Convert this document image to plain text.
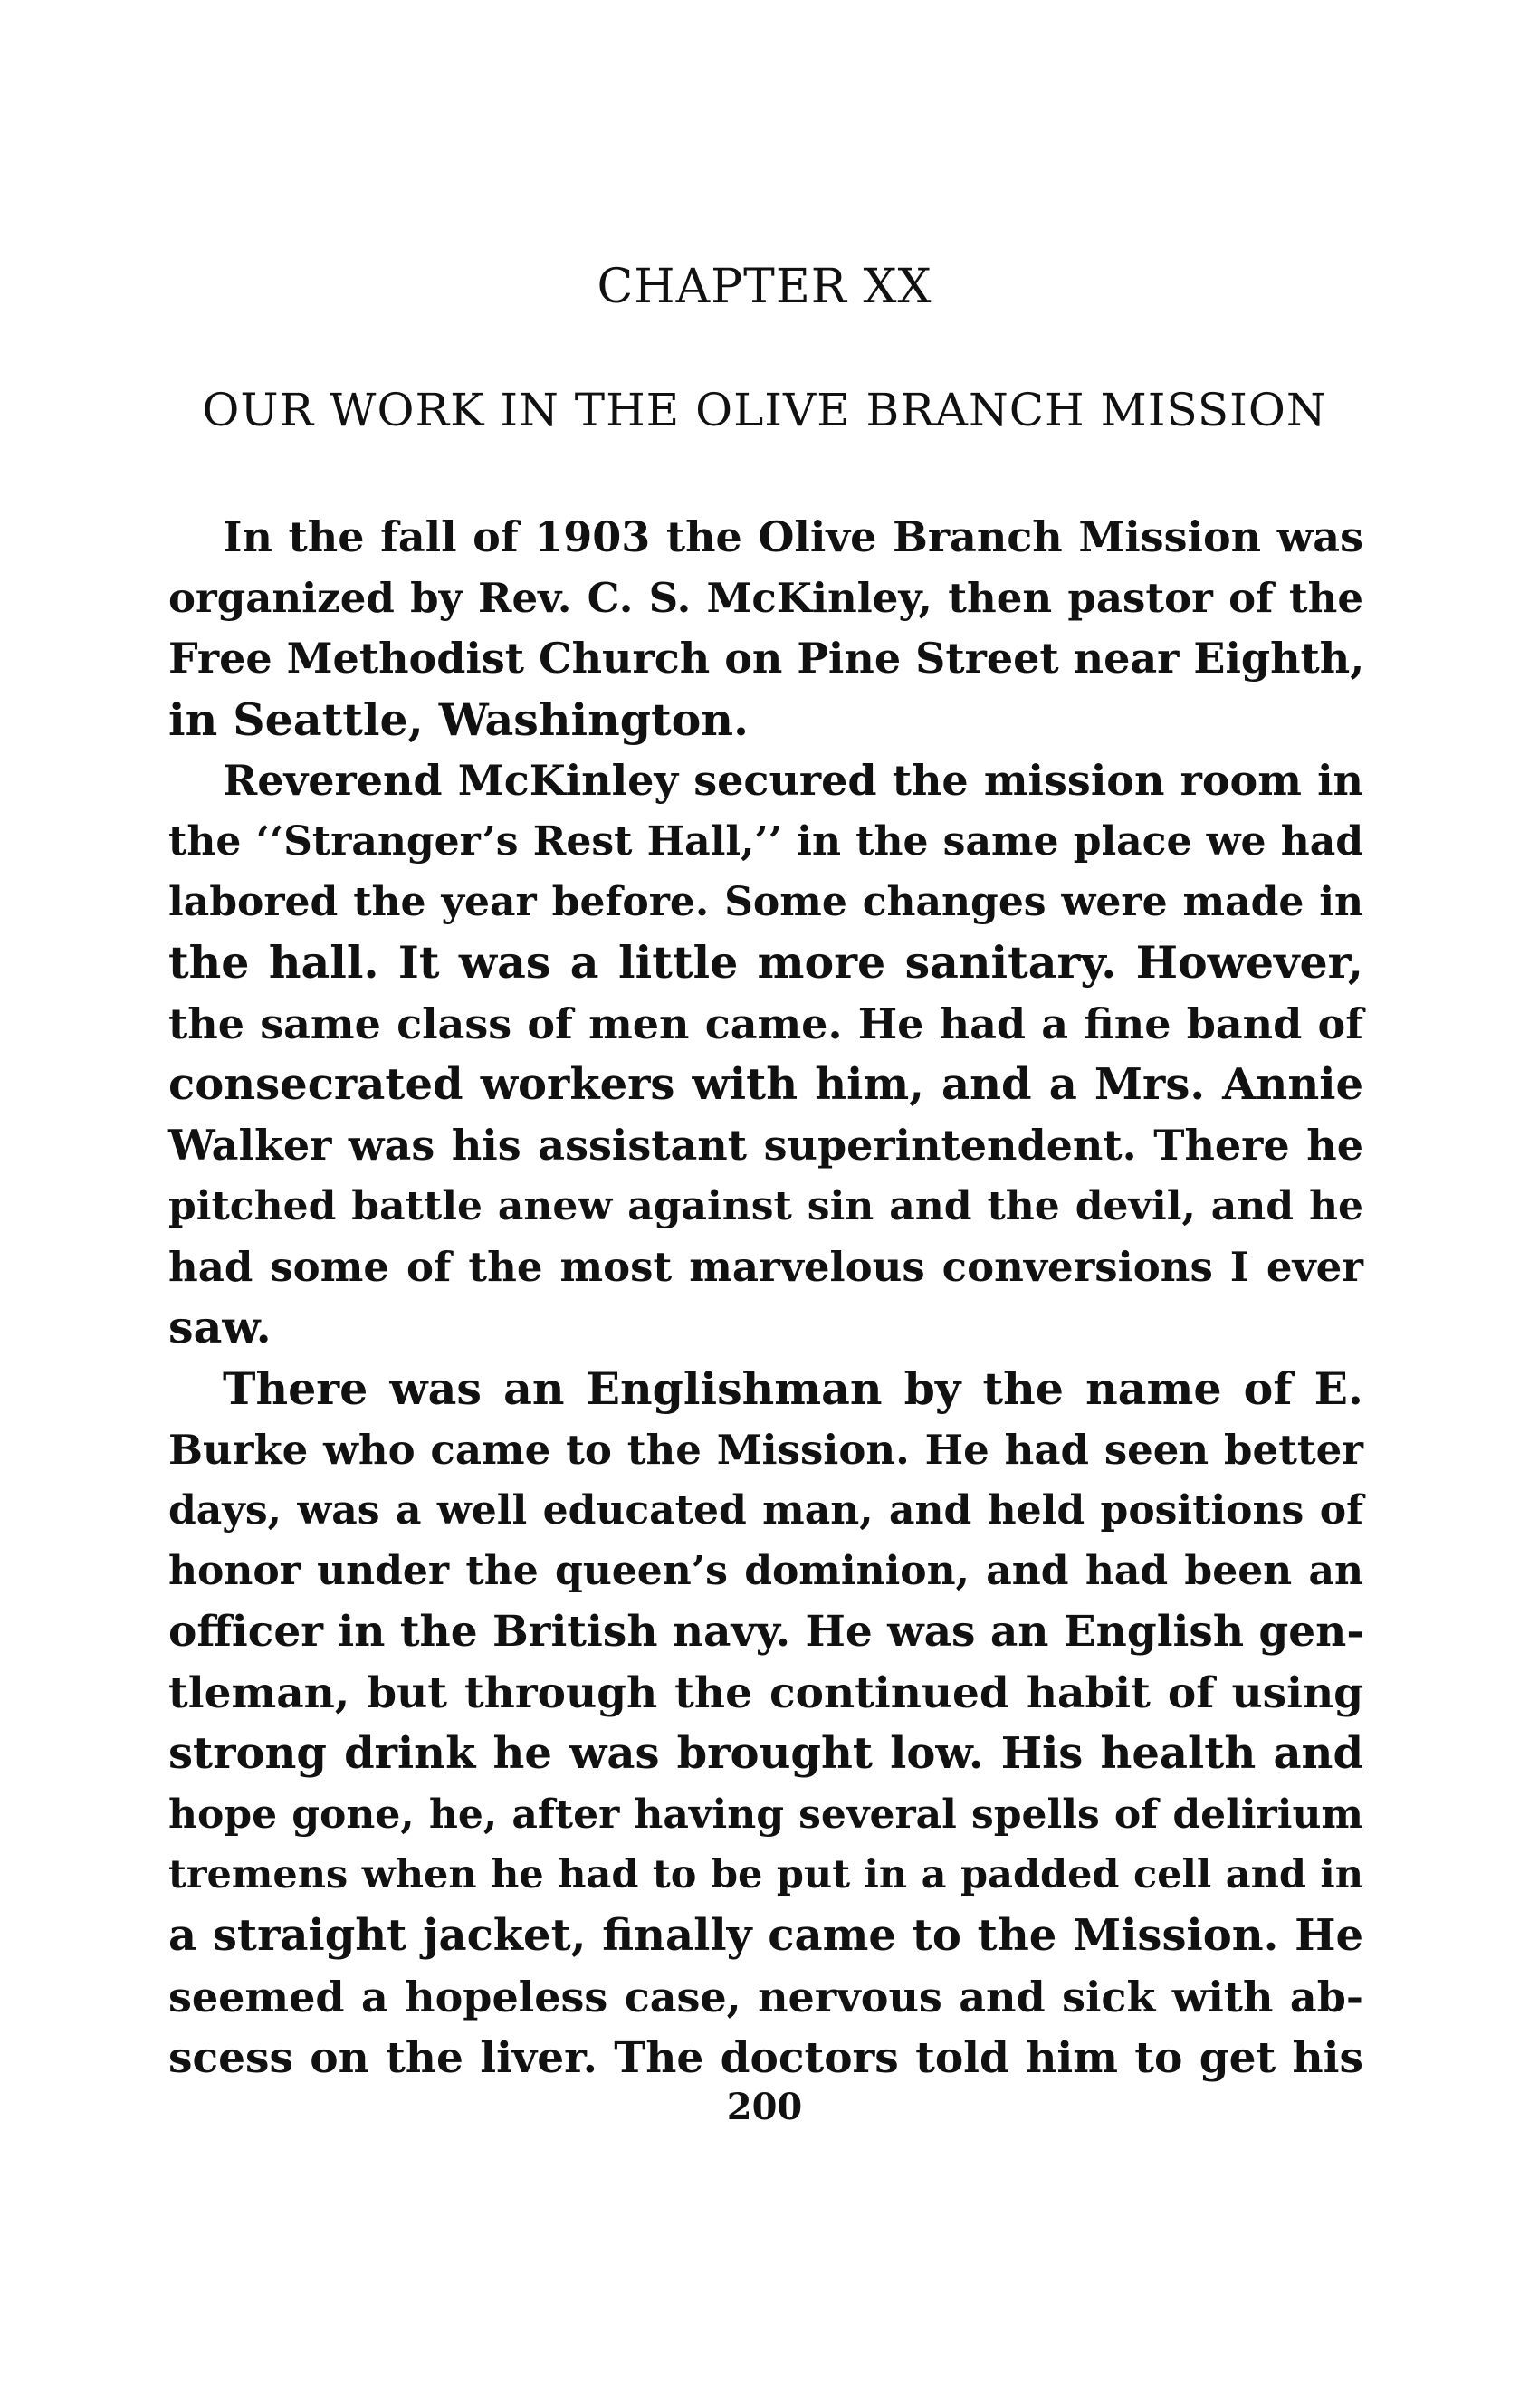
CHAPTER XX
OUR WORK IN THE OLIVE BRANCH MISSION
In the fall of 1903 the Olive Branch Mission was
organized by Rev. C. S. McKinley, then pastor of the
Free Methodist Church on Pine Street near Eighth,
in Seattle, Washington.
Reverend McKinley secured the mission room in
the ‘‘Stranger’s Rest Hall,’’ in the same place we had
labored the year before. Some changes were made in
the hall. It was a little more sanitary. However,
the same class of men came. He had a fine band of
consecrated workers with him, and a Mrs. Annie
Walker was his assistant superintendent. There he
pitched battle anew against sin and the devil, and he
had some of the most marvelous conversions I ever
saw.
There was an Englishman by the name of E.
Burke who came to the Mission. He had seen better
days, was a well educated man, and held positions of
honor under the queen’s dominion, and had been an
officer in the British navy. He was an English gen-
tleman, but through the continued habit of using
strong drink he was brought low. His health and
hope gone, he, after having several spells of delirium
tremens when he had to be put in a padded cell and in
a straight jacket, finally came to the Mission. He
seemed a hopeless case, nervous and sick with ab-
scess on the liver. The doctors told him to get his
200
